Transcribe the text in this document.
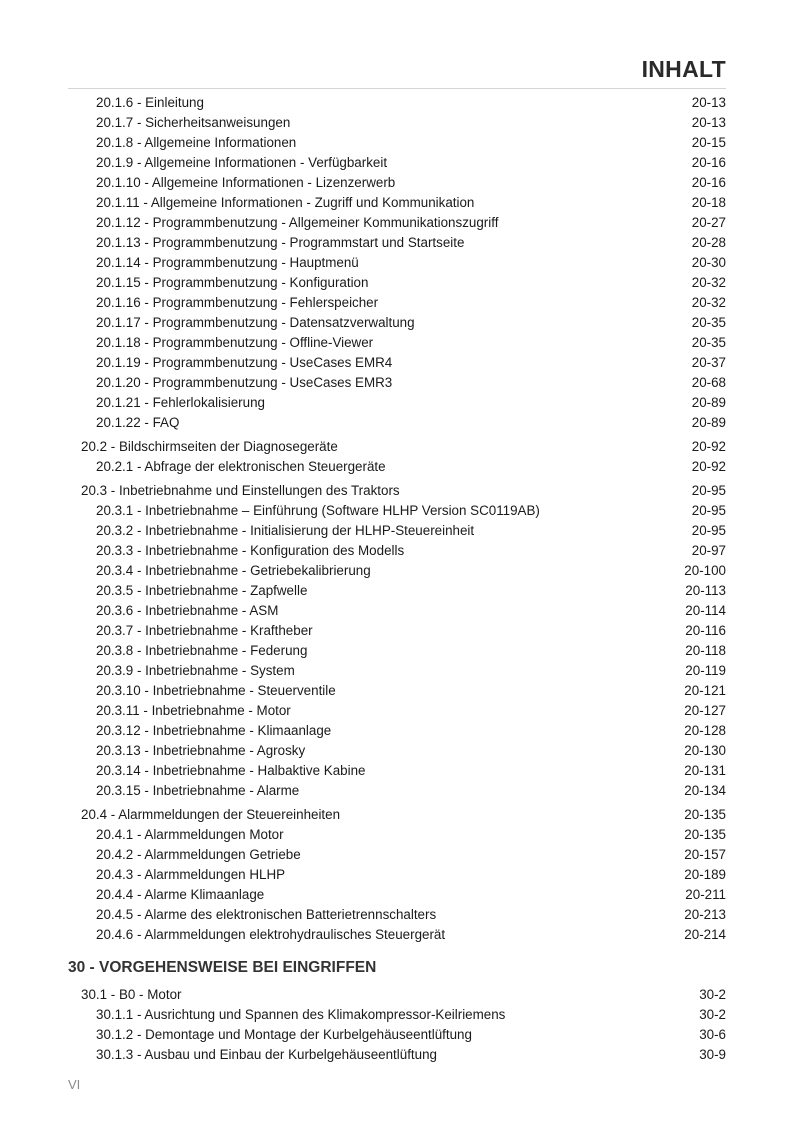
INHALT
20.1.6 - Einleitung	20-13
20.1.7 - Sicherheitsanweisungen	20-13
20.1.8 - Allgemeine Informationen	20-15
20.1.9 - Allgemeine Informationen - Verfügbarkeit	20-16
20.1.10 - Allgemeine Informationen - Lizenzerwerb	20-16
20.1.11 - Allgemeine Informationen - Zugriff und Kommunikation	20-18
20.1.12 - Programmbenutzung - Allgemeiner Kommunikationszugriff	20-27
20.1.13 - Programmbenutzung - Programmstart und Startseite	20-28
20.1.14 - Programmbenutzung - Hauptmenü	20-30
20.1.15 - Programmbenutzung - Konfiguration	20-32
20.1.16 - Programmbenutzung - Fehlerspeicher	20-32
20.1.17 - Programmbenutzung - Datensatzverwaltung	20-35
20.1.18 - Programmbenutzung - Offline-Viewer	20-35
20.1.19 - Programmbenutzung - UseCases EMR4	20-37
20.1.20 - Programmbenutzung - UseCases EMR3	20-68
20.1.21 - Fehlerlokalisierung	20-89
20.1.22 - FAQ	20-89
20.2 - Bildschirmseiten der Diagnosegeräte	20-92
20.2.1 - Abfrage der elektronischen Steuergeräte	20-92
20.3 - Inbetriebnahme und Einstellungen des Traktors	20-95
20.3.1 - Inbetriebnahme – Einführung (Software HLHP Version SC0119AB)	20-95
20.3.2 - Inbetriebnahme - Initialisierung der HLHP-Steuereinheit	20-95
20.3.3 - Inbetriebnahme - Konfiguration des Modells	20-97
20.3.4 - Inbetriebnahme - Getriebekalibrierung	20-100
20.3.5 - Inbetriebnahme - Zapfwelle	20-113
20.3.6 - Inbetriebnahme - ASM	20-114
20.3.7 - Inbetriebnahme - Kraftheber	20-116
20.3.8 - Inbetriebnahme - Federung	20-118
20.3.9 - Inbetriebnahme - System	20-119
20.3.10 - Inbetriebnahme - Steuerventile	20-121
20.3.11 - Inbetriebnahme - Motor	20-127
20.3.12 - Inbetriebnahme - Klimaanlage	20-128
20.3.13 - Inbetriebnahme - Agrosky	20-130
20.3.14 - Inbetriebnahme - Halbaktive Kabine	20-131
20.3.15 - Inbetriebnahme - Alarme	20-134
20.4 - Alarmmeldungen der Steuereinheiten	20-135
20.4.1 - Alarmmeldungen Motor	20-135
20.4.2 - Alarmmeldungen Getriebe	20-157
20.4.3 - Alarmmeldungen HLHP	20-189
20.4.4 - Alarme Klimaanlage	20-211
20.4.5 - Alarme des elektronischen Batterietrennschalters	20-213
20.4.6 - Alarmmeldungen elektrohydraulisches Steuergerät	20-214
30 - VORGEHENSWEISE BEI EINGRIFFEN
30.1 - B0 - Motor	30-2
30.1.1 - Ausrichtung und Spannen des Klimakompressor-Keilriemens	30-2
30.1.2 - Demontage und Montage der Kurbelgehäuseentlüftung	30-6
30.1.3 - Ausbau und Einbau der Kurbelgehäuseentlüftung	30-9
VI
